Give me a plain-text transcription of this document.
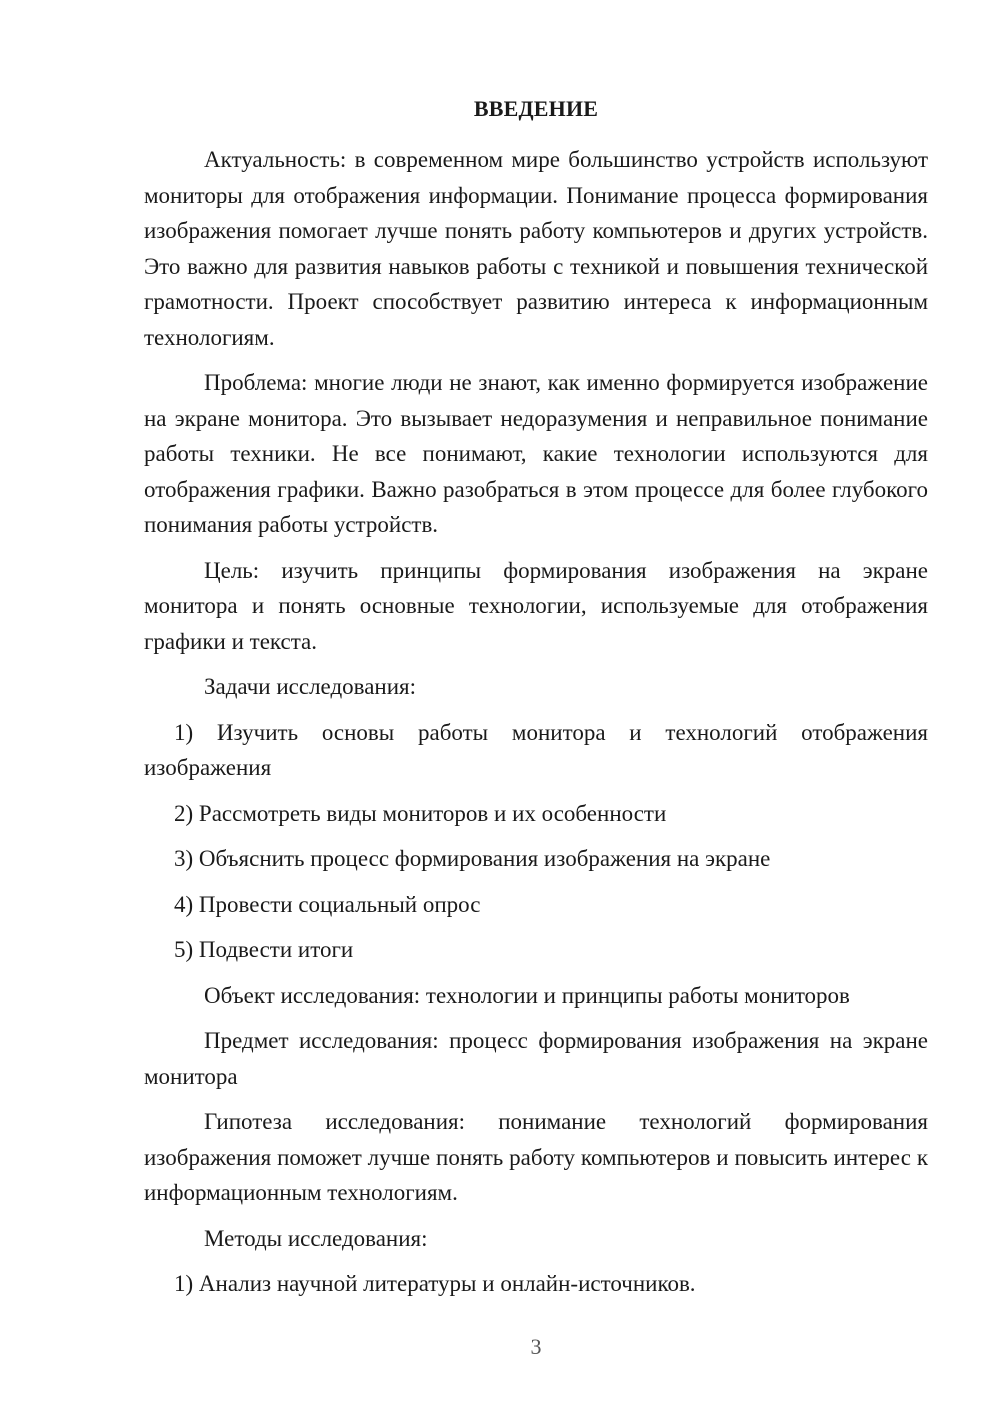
ВВЕДЕНИЕ

Актуальность: в современном мире большинство устройств используют мониторы для отображения информации. Понимание процесса формирования изображения помогает лучше понять работу компьютеров и других устройств. Это важно для развития навыков работы с техникой и повышения технической грамотности. Проект способствует развитию интереса к информационным технологиям.

Проблема: многие люди не знают, как именно формируется изображение на экране монитора. Это вызывает недоразумения и неправильное понимание работы техники. Не все понимают, какие технологии используются для отображения графики. Важно разобраться в этом процессе для более глубокого понимания работы устройств.

Цель: изучить принципы формирования изображения на экране монитора и понять основные технологии, используемые для отображения графики и текста.

Задачи исследования:

1) Изучить основы работы монитора и технологий отображения изображения

2) Рассмотреть виды мониторов и их особенности

3) Объяснить процесс формирования изображения на экране

4) Провести социальный опрос

5) Подвести итоги

Объект исследования: технологии и принципы работы мониторов

Предмет исследования: процесс формирования изображения на экране монитора

Гипотеза исследования: понимание технологий формирования изображения поможет лучше понять работу компьютеров и повысить интерес к информационным технологиям.

Методы исследования:

1) Анализ научной литературы и онлайн-источников.

3
